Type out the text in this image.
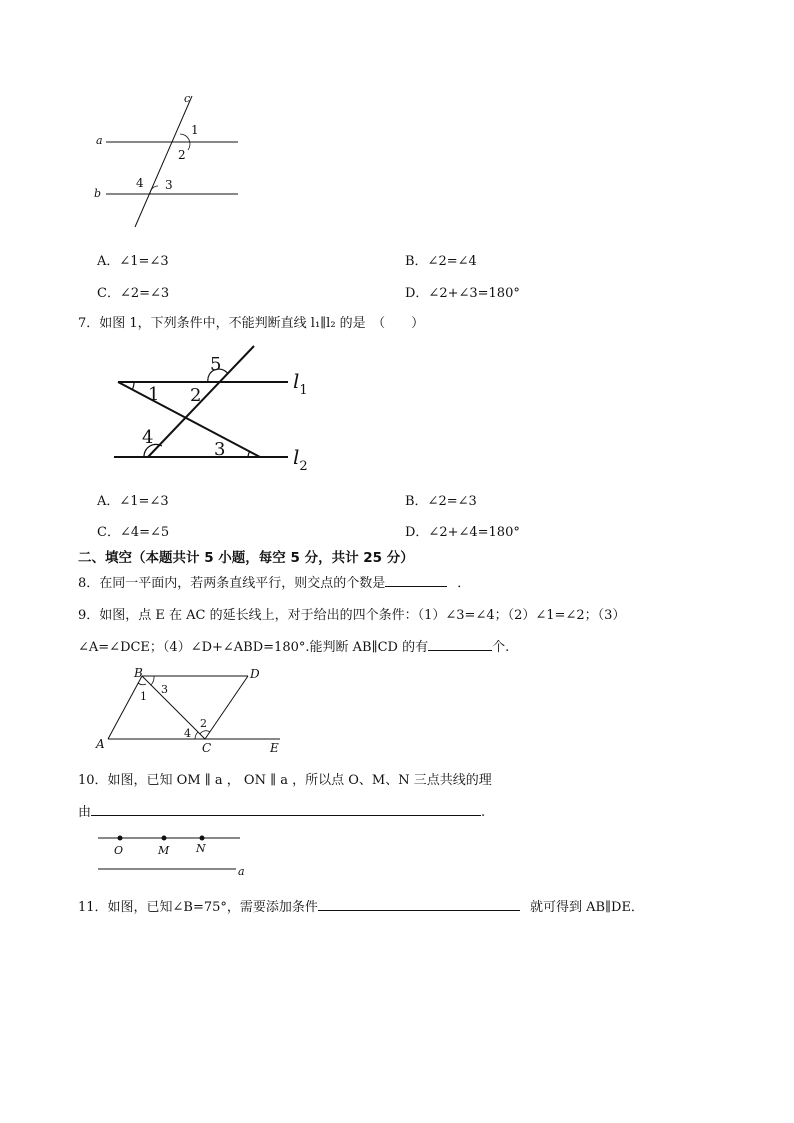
c
a
b
1
2
3
4
A．∠1=∠3	B．∠2=∠4
C．∠2=∠3	D．∠2+∠3=180°
7．如图 1，下列条件中，不能判断直线 l₁∥l₂ 的是　（　　）
5
2
1
4
3
$l_1$
$l_2$
A．∠1=∠3	B．∠2=∠3
C．∠4=∠5	D．∠2+∠4=180°
二、填空（本题共计 5 小题，每空 5 分，共计 25 分）
8．在同一平面内，若两条直线平行，则交点的个数是	．
9．如图，点 E 在 AC 的延长线上，对于给出的四个条件：（1）∠3=∠4；（2）∠1=∠2；（3）
∠A=∠DCE；（4）∠D+∠ABD=180°.能判断 AB∥CD 的有	个.
B	D
A	C	E
1
3
2
4
10．如图，已知 OM ∥ a ， ON ∥ a ，所以点 O、M、N 三点共线的理
由	.
O	M N
a
11．如图，已知∠B=75°，需要添加条件	就可得到 AB∥DE．
